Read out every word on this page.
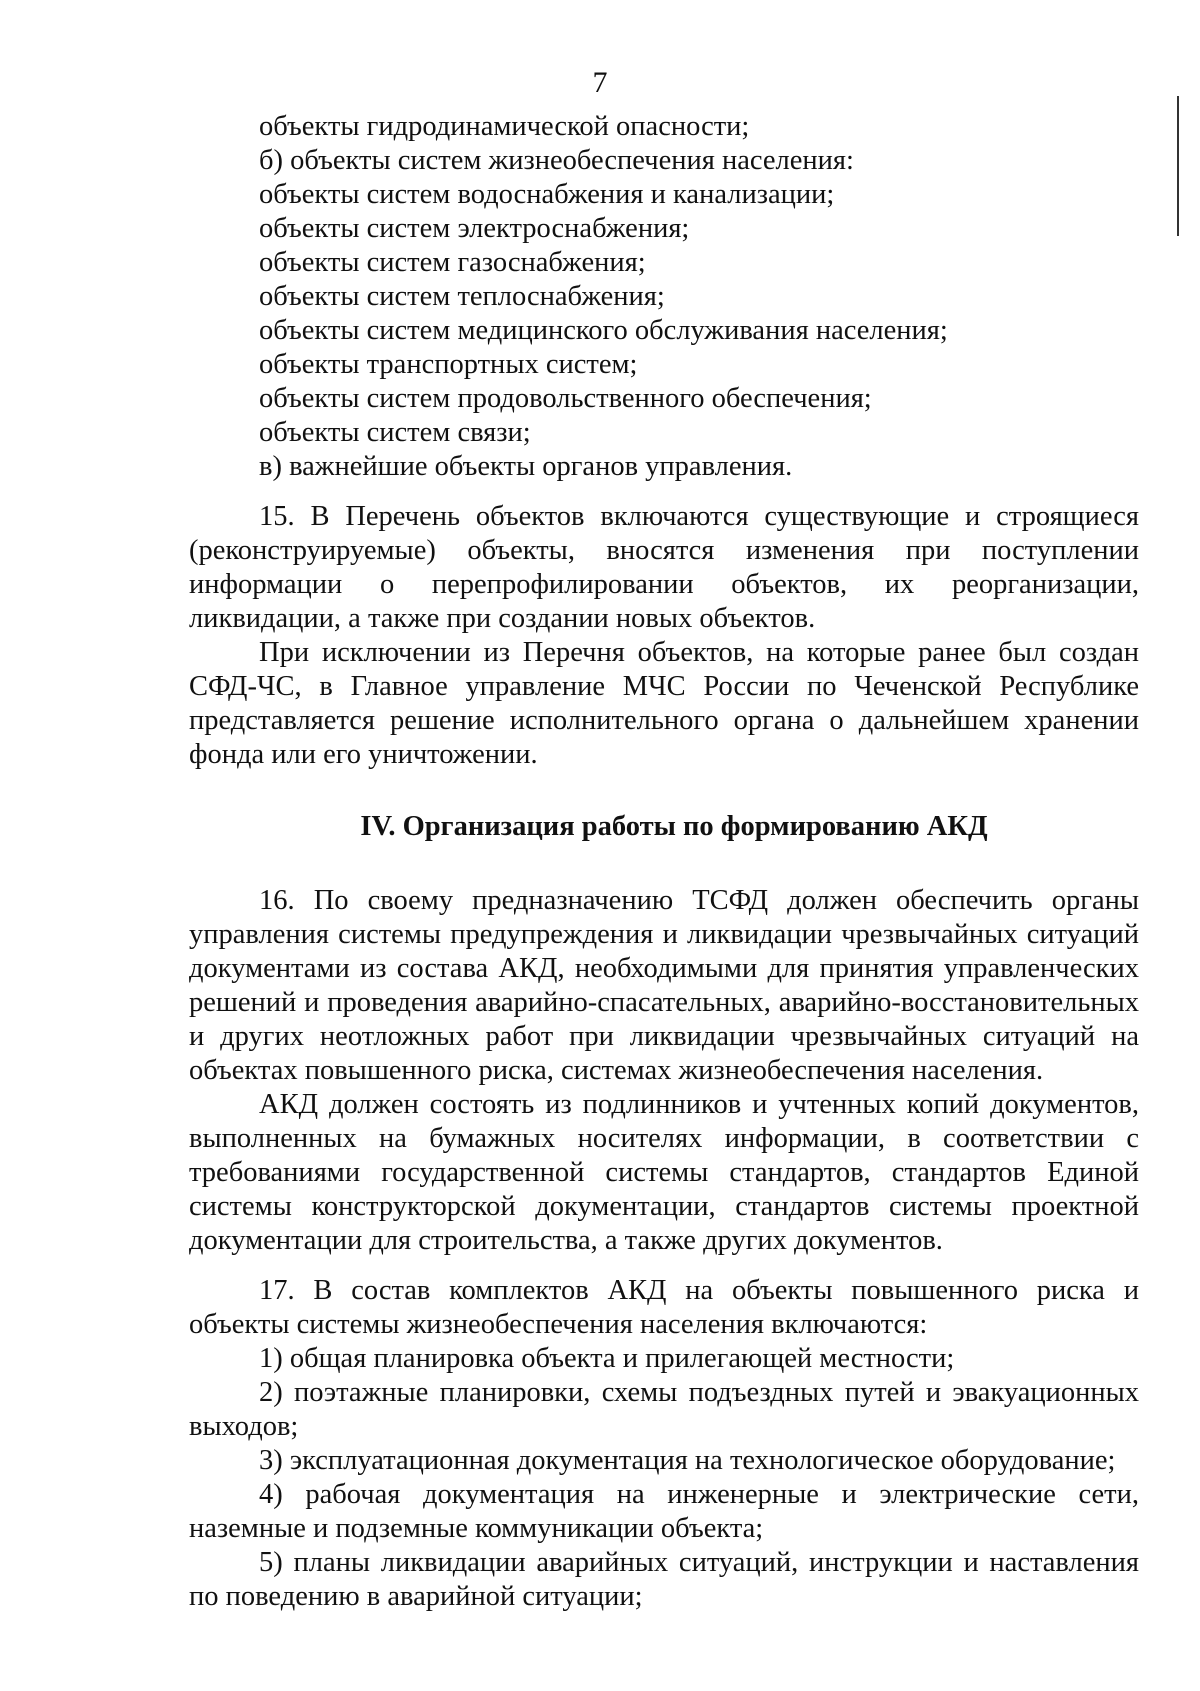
7
объекты гидродинамической опасности;
б) объекты систем жизнеобеспечения населения:
объекты систем водоснабжения и канализации;
объекты систем электроснабжения;
объекты систем газоснабжения;
объекты систем теплоснабжения;
объекты систем медицинского обслуживания населения;
объекты транспортных систем;
объекты систем продовольственного обеспечения;
объекты систем связи;
в) важнейшие объекты органов управления.

15. В Перечень объектов включаются существующие и строящиеся (реконструируемые) объекты, вносятся изменения при поступлении информации о перепрофилировании объектов, их реорганизации, ликвидации, а также при создании новых объектов.

При исключении из Перечня объектов, на которые ранее был создан СФД-ЧС, в Главное управление МЧС России по Чеченской Республике представляется решение исполнительного органа о дальнейшем хранении фонда или его уничтожении.

IV. Организация работы по формированию АКД

16. По своему предназначению ТСФД должен обеспечить органы управления системы предупреждения и ликвидации чрезвычайных ситуаций документами из состава АКД, необходимыми для принятия управленческих решений и проведения аварийно-спасательных, аварийно-восстановительных и других неотложных работ при ликвидации чрезвычайных ситуаций на объектах повышенного риска, системах жизнеобеспечения населения.

АКД должен состоять из подлинников и учтенных копий документов, выполненных на бумажных носителях информации, в соответствии с требованиями государственной системы стандартов, стандартов Единой системы конструкторской документации, стандартов системы проектной документации для строительства, а также других документов.

17. В состав комплектов АКД на объекты повышенного риска и объекты системы жизнеобеспечения населения включаются:

1) общая планировка объекта и прилегающей местности;

2) поэтажные планировки, схемы подъездных путей и эвакуационных выходов;

3) эксплуатационная документация на технологическое оборудование;

4) рабочая документация на инженерные и электрические сети, наземные и подземные коммуникации объекта;

5) планы ликвидации аварийных ситуаций, инструкции и наставления по поведению в аварийной ситуации;
